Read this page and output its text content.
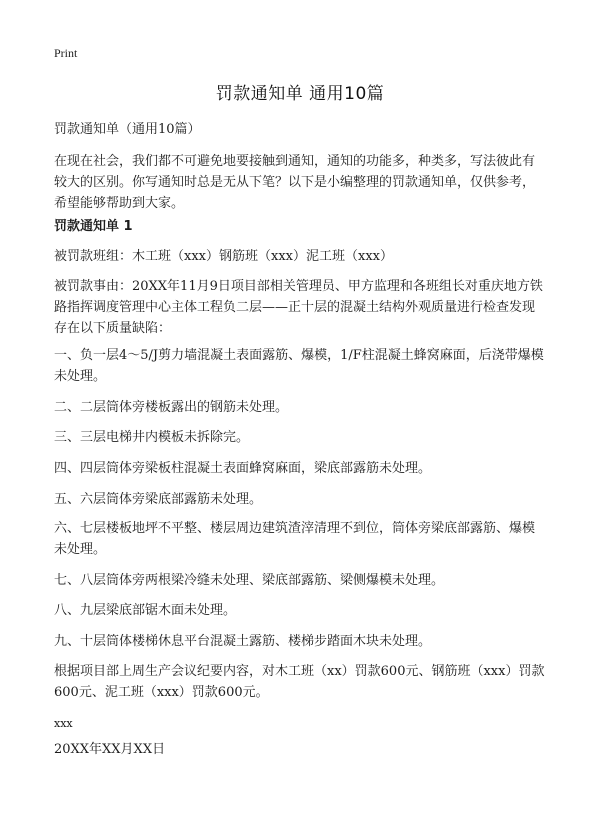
Print
罚款通知单 通用10篇
罚款通知单（通用10篇）
在现在社会，我们都不可避免地要接触到通知，通知的功能多，种类多，写法彼此有较大的区别。你写通知时总是无从下笔？以下是小编整理的罚款通知单，仅供参考，希望能够帮助到大家。
罚款通知单 1
被罚款班组：木工班（xxx）钢筋班（xxx）泥工班（xxx）
被罚款事由：20XX年11月9日项目部相关管理员、甲方监理和各班组长对重庆地方铁路指挥调度管理中心主体工程负二层——正十层的混凝土结构外观质量进行检查发现存在以下质量缺陷：
一、负一层4～5/J剪力墙混凝土表面露筋、爆模，1/F柱混凝土蜂窝麻面，后浇带爆模未处理。
二、二层筒体旁楼板露出的钢筋未处理。
三、三层电梯井内模板未拆除完。
四、四层筒体旁梁板柱混凝土表面蜂窝麻面，梁底部露筋未处理。
五、六层筒体旁梁底部露筋未处理。
六、七层楼板地坪不平整、楼层周边建筑渣滓清理不到位，筒体旁梁底部露筋、爆模未处理。
七、八层筒体旁两根梁冷缝未处理、梁底部露筋、梁侧爆模未处理。
八、九层梁底部锯木面未处理。
九、十层筒体楼梯休息平台混凝土露筋、楼梯步踏面木块未处理。
根据项目部上周生产会议纪要内容，对木工班（xx）罚款600元、钢筋班（xxx）罚款600元、泥工班（xxx）罚款600元。
xxx
20XX年XX月XX日
